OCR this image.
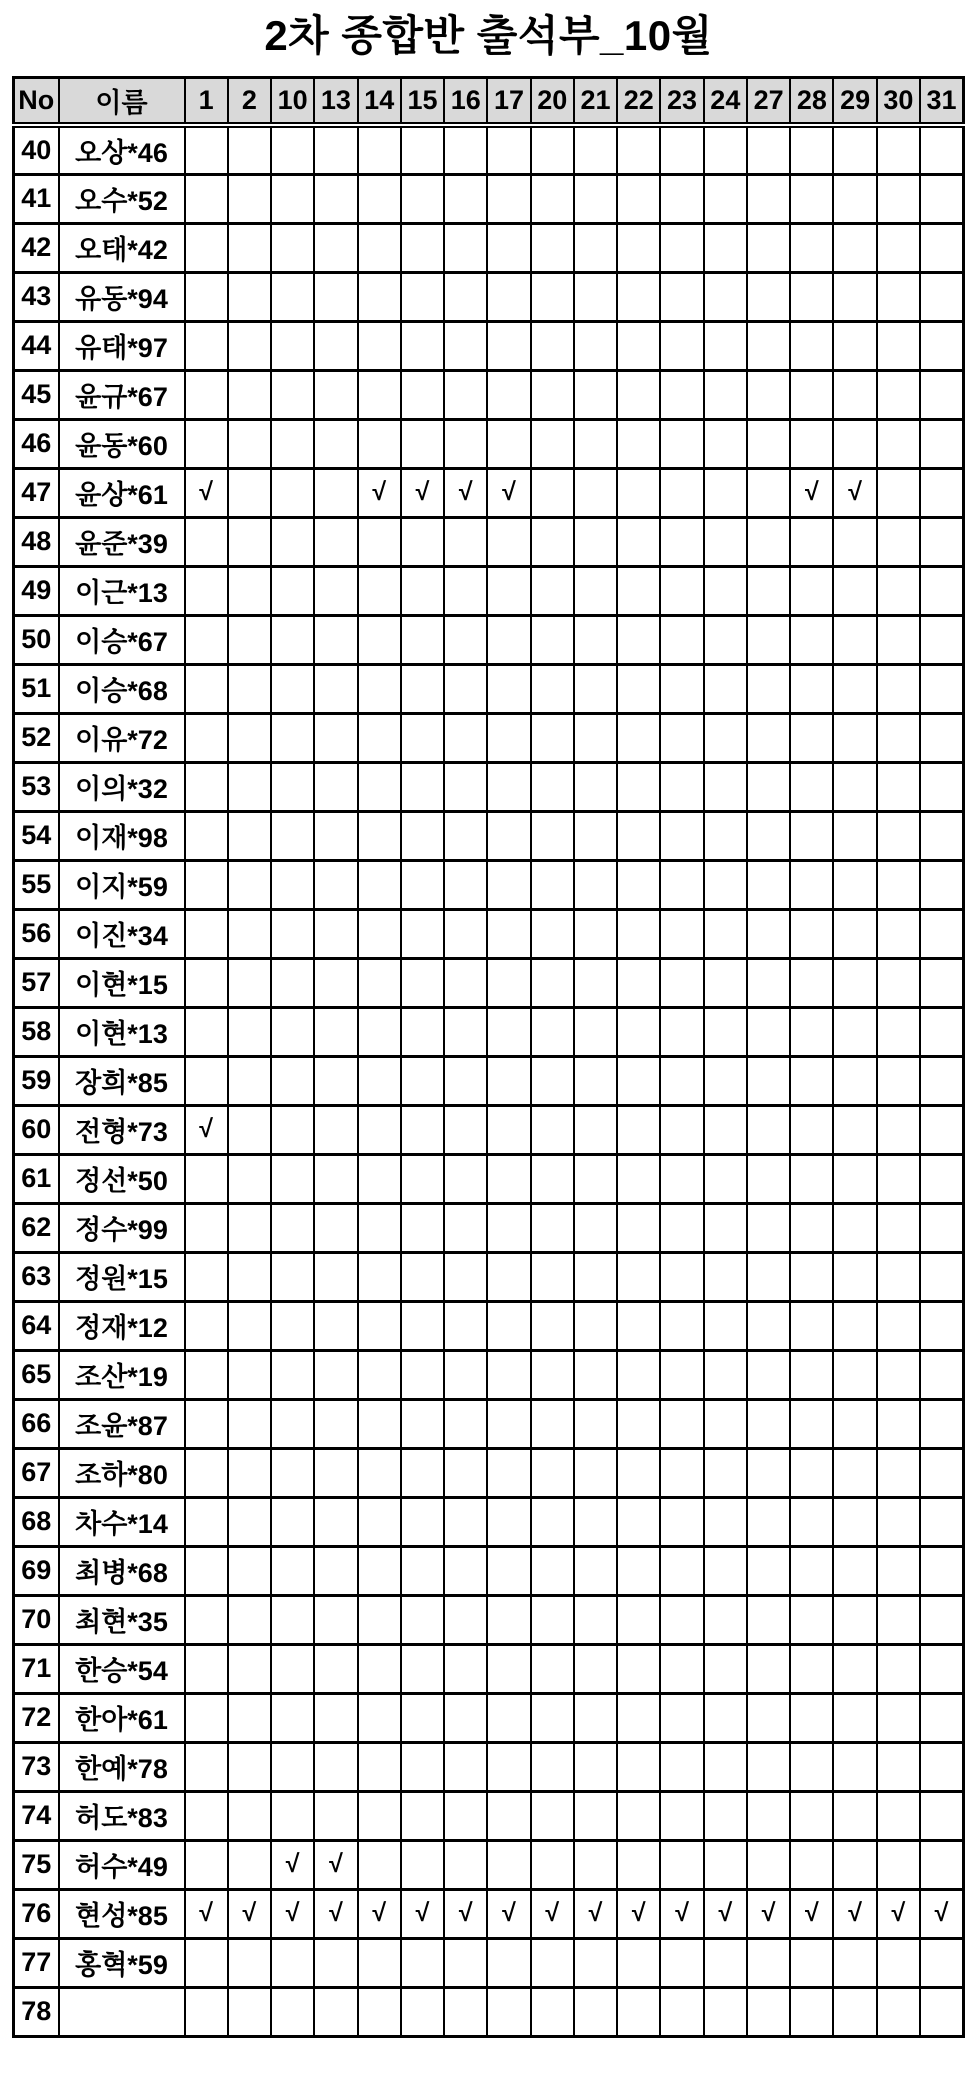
2차 종합반 출석부_10월
No	이름	1	2	10	13	14	15	16	17	20	21	22	23	24	27	28	29	30	31
40	오상*46																		
41	오수*52																		
42	오태*42																		
43	유동*94																		
44	유태*97																		
45	윤규*67																		
46	윤동*60																		
47	윤상*61	√				√	√	√	√							√	√		
48	윤준*39																		
49	이근*13																		
50	이승*67																		
51	이승*68																		
52	이유*72																		
53	이의*32																		
54	이재*98																		
55	이지*59																		
56	이진*34																		
57	이현*15																		
58	이현*13																		
59	장희*85																		
60	전형*73	√																	
61	정선*50																		
62	정수*99																		
63	정원*15																		
64	정재*12																		
65	조산*19																		
66	조윤*87																		
67	조하*80																		
68	차수*14																		
69	최병*68																		
70	최현*35																		
71	한승*54																		
72	한아*61																		
73	한예*78																		
74	허도*83																		
75	허수*49			√	√														
76	현성*85	√	√	√	√	√	√	√	√	√	√	√	√	√	√	√	√	√	√
77	홍혁*59																		
78																			
